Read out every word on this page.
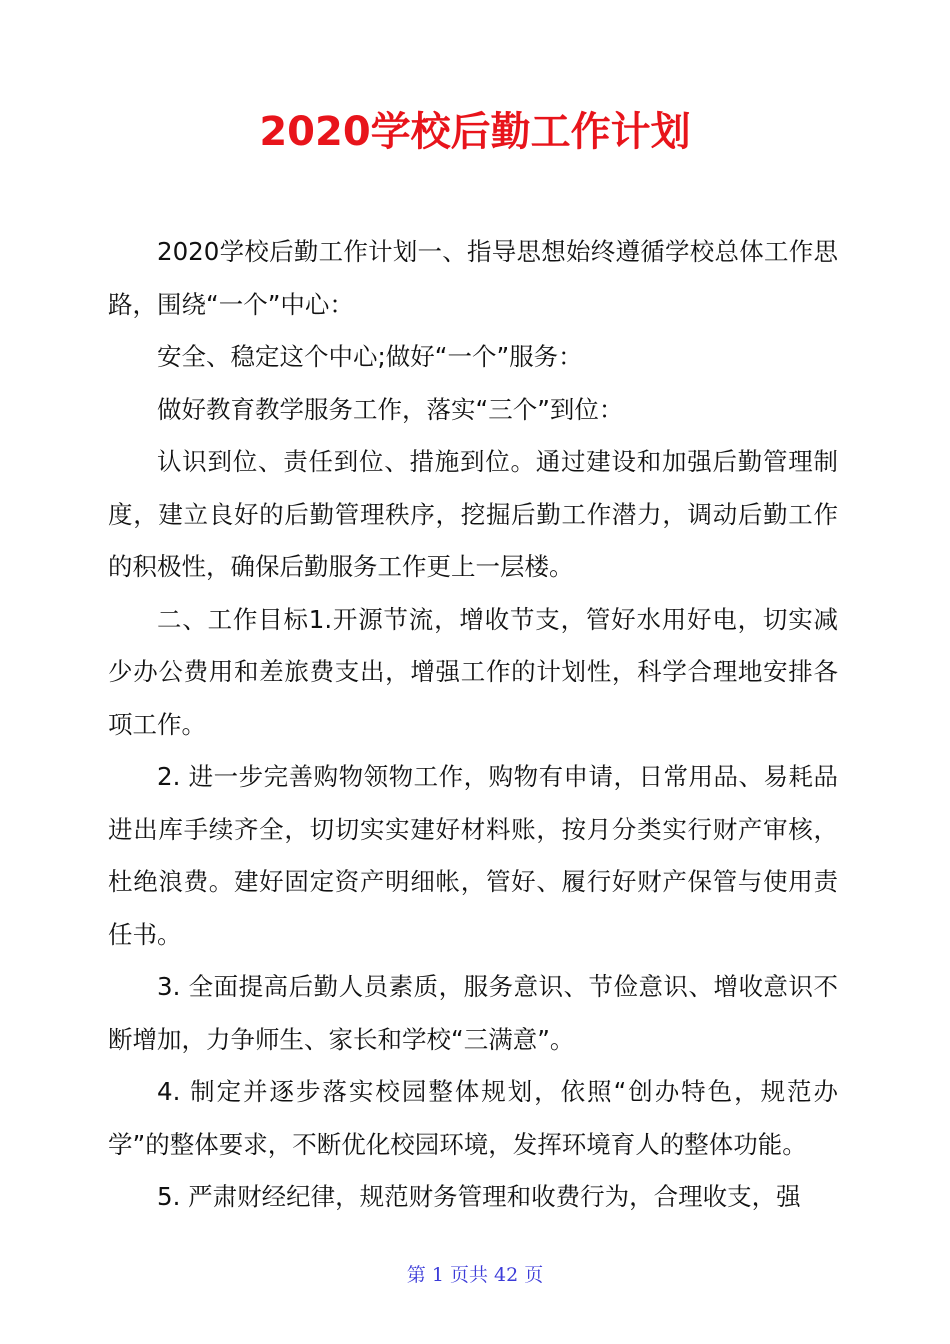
2020学校后勤工作计划

2020学校后勤工作计划一、指导思想始终遵循学校总体工作思路，围绕“一个”中心：

安全、稳定这个中心;做好“一个”服务：

做好教育教学服务工作，落实“三个”到位：

认识到位、责任到位、措施到位。通过建设和加强后勤管理制度，建立良好的后勤管理秩序，挖掘后勤工作潜力，调动后勤工作的积极性，确保后勤服务工作更上一层楼。

二、工作目标1.开源节流，增收节支，管好水用好电，切实减少办公费用和差旅费支出，增强工作的计划性，科学合理地安排各项工作。

2. 进一步完善购物领物工作，购物有申请，日常用品、易耗品进出库手续齐全，切切实实建好材料账，按月分类实行财产审核，杜绝浪费。建好固定资产明细帐，管好、履行好财产保管与使用责任书。

3. 全面提高后勤人员素质，服务意识、节俭意识、增收意识不断增加，力争师生、家长和学校“三满意”。

4. 制定并逐步落实校园整体规划，依照“创办特色，规范办学”的整体要求，不断优化校园环境，发挥环境育人的整体功能。

5. 严肃财经纪律，规范财务管理和收费行为，合理收支，强

第 1 页共 42 页
